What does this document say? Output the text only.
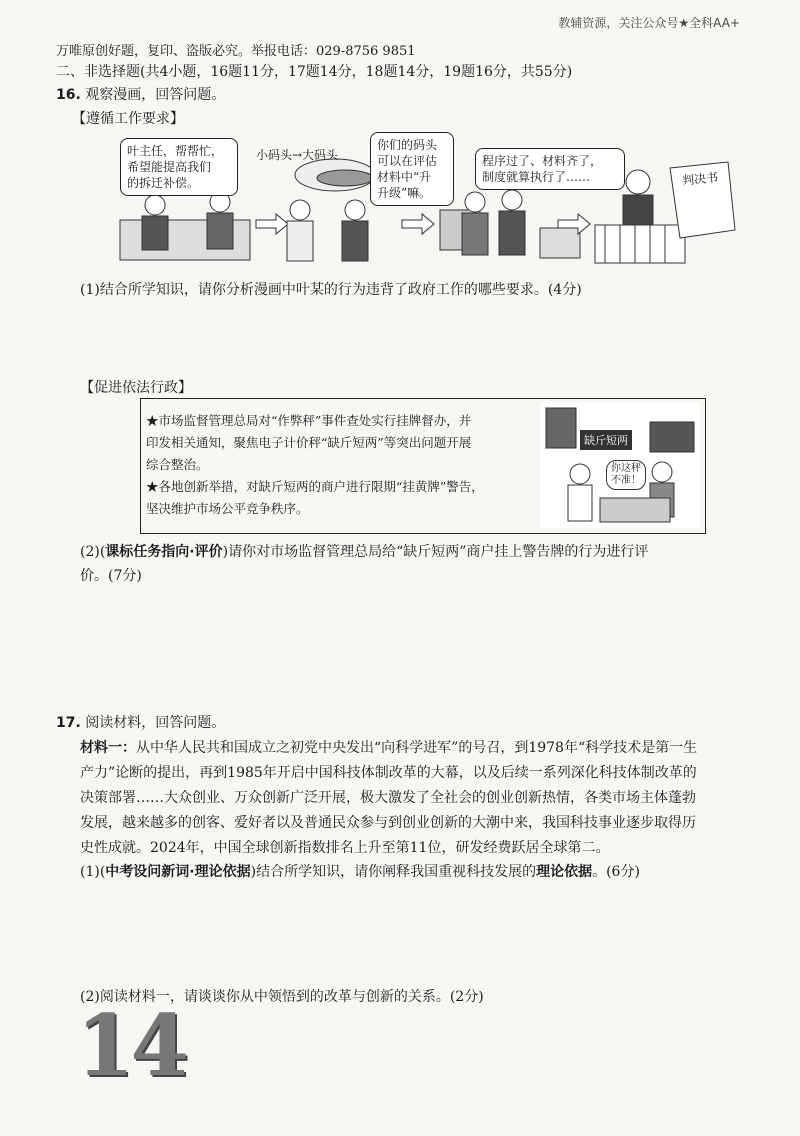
教辅资源，关注公众号★全科AA+
万唯原创好题，复印、盗版必究。举报电话：029-8756 9851
二、非选择题(共4小题，16题11分，17题14分，18题14分，19题16分，共55分)
16. 观察漫画，回答问题。
【遵循工作要求】
叶主任，帮帮忙，
希望能提高我们
的拆迁补偿。
小码头→大码头
你们的码头
可以在评估
材料中“升
升级”嘛。
程序过了、材料齐了，
制度就算执行了……	判决书
(1)结合所学知识，请你分析漫画中叶某的行为违背了政府工作的哪些要求。(4分)
【促进依法行政】
★市场监督管理总局对“作弊秤”事件查处实行挂牌督办，并
印发相关通知，聚焦电子计价秤“缺斤短两”等突出问题开展
综合整治。
★各地创新举措，对缺斤短两的商户进行限期“挂黄牌”警告，
坚决维护市场公平竞争秩序。
缺斤短两
你这秤
不准！
(2)(课标任务指向·评价)请你对市场监督管理总局给“缺斤短两”商户挂上警告牌的行为进行评
价。(7分)
17. 阅读材料，回答问题。
材料一：从中华人民共和国成立之初党中央发出“向科学进军”的号召，到1978年“科学技术是第一生
产力”论断的提出，再到1985年开启中国科技体制改革的大幕，以及后续一系列深化科技体制改革的
决策部署……大众创业、万众创新广泛开展，极大激发了全社会的创业创新热情，各类市场主体蓬勃
发展，越来越多的创客、爱好者以及普通民众参与到创业创新的大潮中来，我国科技事业逐步取得历
史性成就。2024年，中国全球创新指数排名上升至第11位，研发经费跃居全球第二。
(1)(中考设问新词·理论依据)结合所学知识，请你阐释我国重视科技发展的理论依据。(6分)
(2)阅读材料一，请谈谈你从中领悟到的改革与创新的关系。(2分)
14
